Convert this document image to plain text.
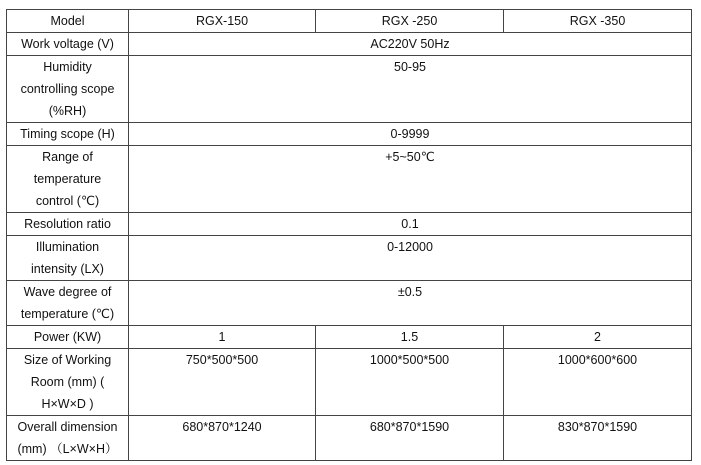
Model	RGX-150	RGX -250	RGX -350
Work voltage (V)	AC220V 50Hz		
Humidity
controlling scope
(%RH)	50-95		
Timing scope (H)	0-9999		
Range of
temperature
control (℃)	+5~50℃		
Resolution ratio	0.1		
Illumination
intensity (LX)	0-12000		
Wave degree of
temperature (℃)	±0.5		
Power (KW)	1	1.5	2
Size of Working
Room (mm) (
H×W×D )	750*500*500	1000*500*500	1000*600*600
Overall dimension
(mm) （L×W×H）	680*870*1240	680*870*1590	830*870*1590
